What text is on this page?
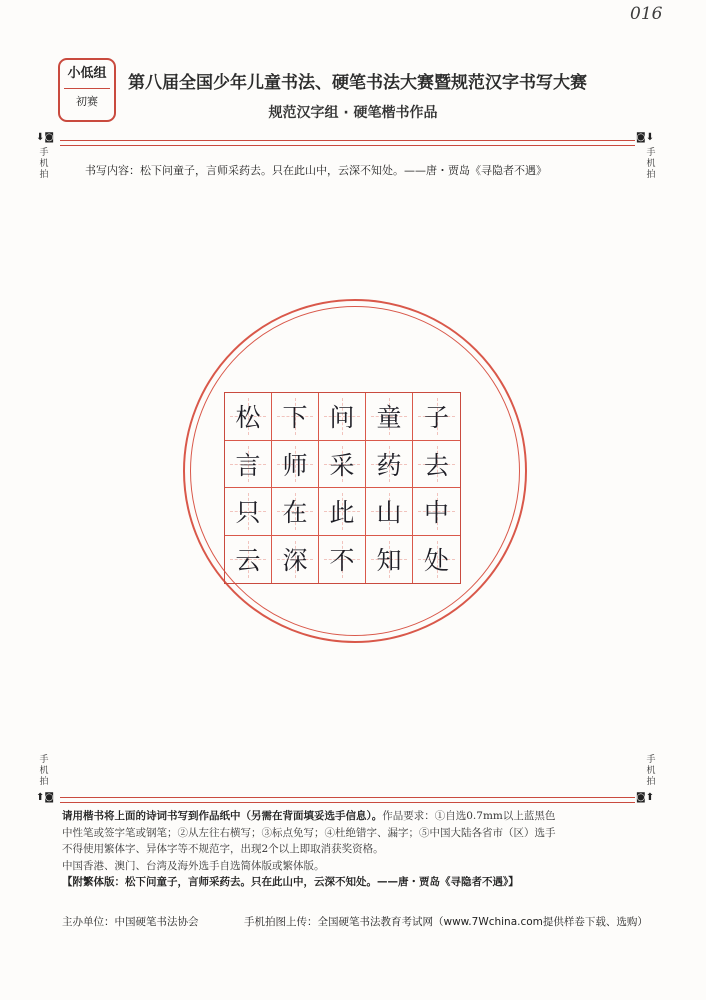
016
小低组
初赛
第八届全国少年儿童书法、硬笔书法大赛暨规范汉字书写大赛
规范汉字组 · 硬笔楷书作品
⬇◙
手机拍
◙⬇
手机拍
书写内容：松下问童子，言师采药去。只在此山中，云深不知处。——唐・贾岛《寻隐者不遇》
松 下 问 童 子
言 师 采 药 去
只 在 此 山 中
云 深 不 知 处
手机拍
⬆◙
手机拍
◙⬆
请用楷书将上面的诗词书写到作品纸中（另需在背面填妥选手信息）。作品要求：①自选0.7mm以上蓝黑色
中性笔或签字笔或钢笔；②从左往右横写；③标点免写；④杜绝错字、漏字；⑤中国大陆各省市（区）选手
不得使用繁体字、异体字等不规范字，出现2个以上即取消获奖资格。
中国香港、澳门、台湾及海外选手自选简体版或繁体版。
【附繁体版：松下问童子，言师采药去。只在此山中，云深不知处。——唐・贾岛《寻隐者不遇》】
主办单位：中国硬笔书法协会	手机拍图上传：全国硬笔书法教育考试网（www.7Wchina.com提供样卷下载、选购）
